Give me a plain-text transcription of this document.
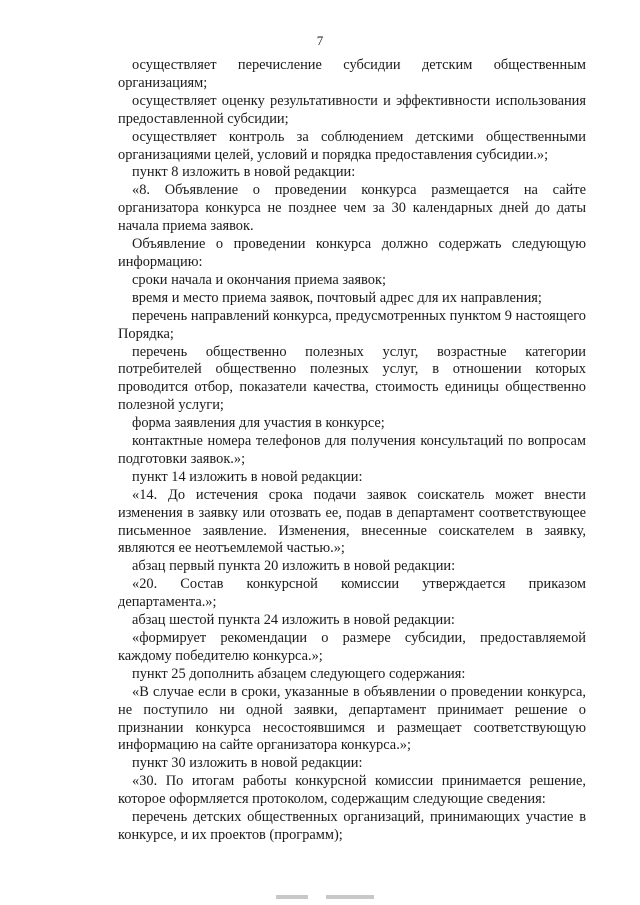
7

осуществляет перечисление субсидии детским общественным организациям;

осуществляет оценку результативности и эффективности использования предоставленной субсидии;

осуществляет контроль за соблюдением детскими общественными организациями целей, условий и порядка предоставления субсидии.»;

пункт 8 изложить в новой редакции:

«8. Объявление о проведении конкурса размещается на сайте организатора конкурса не позднее чем за 30 календарных дней до даты начала приема заявок.

Объявление о проведении конкурса должно содержать следующую информацию:

сроки начала и окончания приема заявок;

время и место приема заявок, почтовый адрес для их направления;

перечень направлений конкурса, предусмотренных пунктом 9 настоящего Порядка;

перечень общественно полезных услуг, возрастные категории потребителей общественно полезных услуг, в отношении которых проводится отбор, показатели качества, стоимость единицы общественно полезной услуги;

форма заявления для участия в конкурсе;

контактные номера телефонов для получения консультаций по вопросам подготовки заявок.»;

пункт 14 изложить в новой редакции:

«14. До истечения срока подачи заявок соискатель может внести изменения в заявку или отозвать ее, подав в департамент соответствующее письменное заявление. Изменения, внесенные соискателем в заявку, являются ее неотъемлемой частью.»;

абзац первый пункта 20 изложить в новой редакции:

«20. Состав конкурсной комиссии утверждается приказом департамента.»;

абзац шестой пункта 24 изложить в новой редакции:

«формирует рекомендации о размере субсидии, предоставляемой каждому победителю конкурса.»;

пункт 25 дополнить абзацем следующего содержания:

«В случае если в сроки, указанные в объявлении о проведении конкурса, не поступило ни одной заявки, департамент принимает решение о признании конкурса несостоявшимся и размещает соответствующую информацию на сайте организатора конкурса.»;

пункт 30 изложить в новой редакции:

«30. По итогам работы конкурсной комиссии принимается решение, которое оформляется протоколом, содержащим следующие сведения:

перечень детских общественных организаций, принимающих участие в конкурсе, и их проектов (программ);
